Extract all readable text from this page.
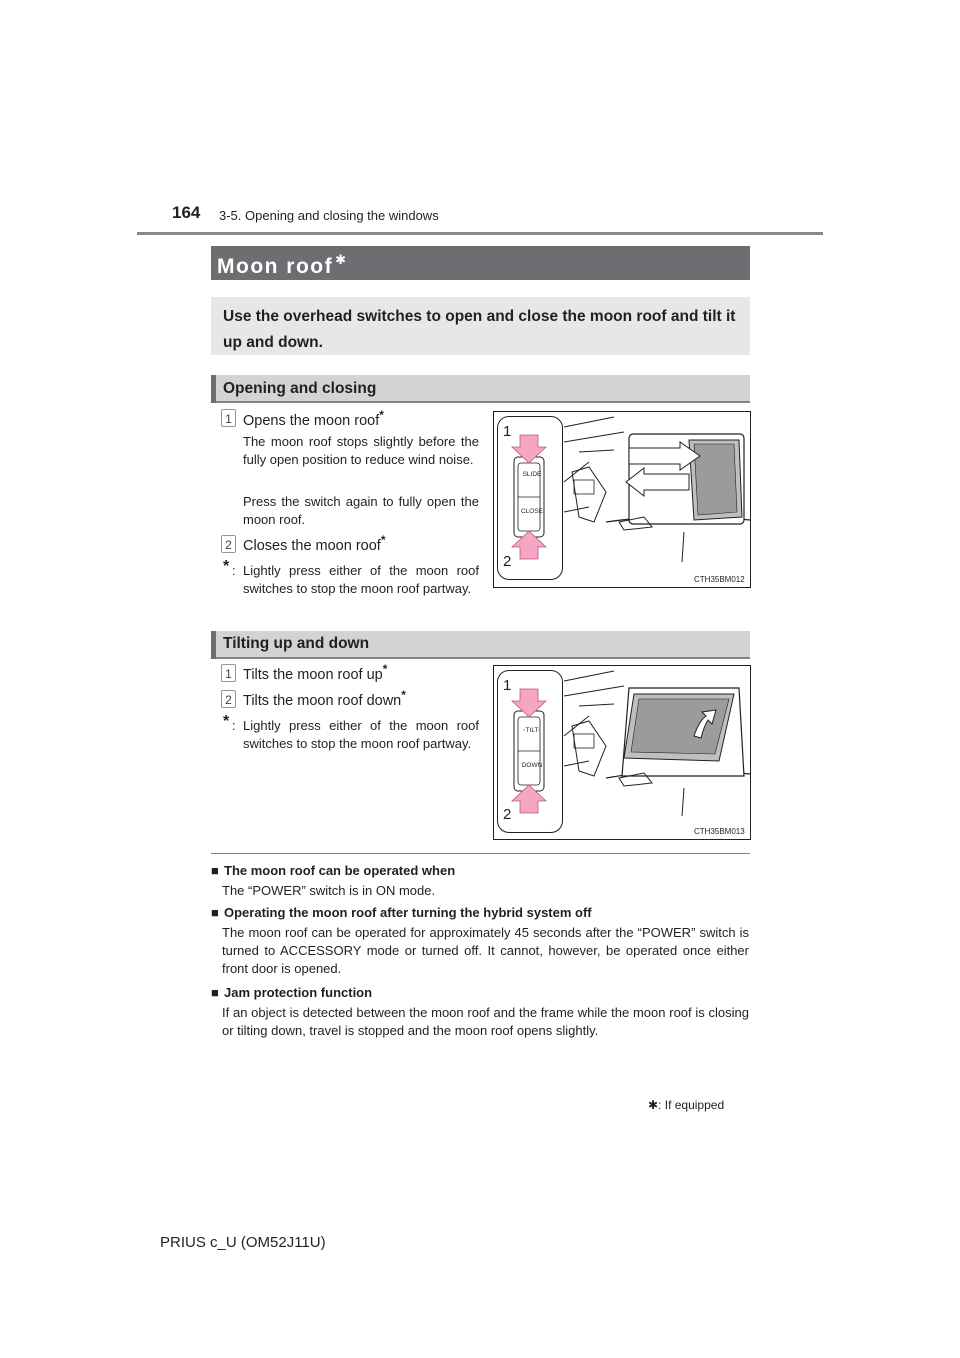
164 3-5. Opening and closing the windows
Moon roof ✱
Use the overhead switches to open and close the moon roof and tilt it up and down.
Opening and closing
1 Opens the moon roof*
The moon roof stops slightly before the fully open position to reduce wind noise.
Press the switch again to fully open the moon roof.
2 Closes the moon roof*
* : Lightly press either of the moon roof switches to stop the moon roof partway.
SLIDE
CLOSE
1
2
CTH35BM012
Tilting up and down
1 Tilts the moon roof up*
2 Tilts the moon roof down*
* : Lightly press either of the moon roof switches to stop the moon roof partway.
◦TILT◦
DOWN
1
2
CTH35BM013
■ The moon roof can be operated when
The “POWER” switch is in ON mode.
■ Operating the moon roof after turning the hybrid system off
The moon roof can be operated for approximately 45 seconds after the “POWER” switch is turned to ACCESSORY mode or turned off. It cannot, however, be operated once either front door is opened.
■ Jam protection function
If an object is detected between the moon roof and the frame while the moon roof is closing or tilting down, travel is stopped and the moon roof opens slightly.
✱: If equipped
PRIUS c_U (OM52J11U)
